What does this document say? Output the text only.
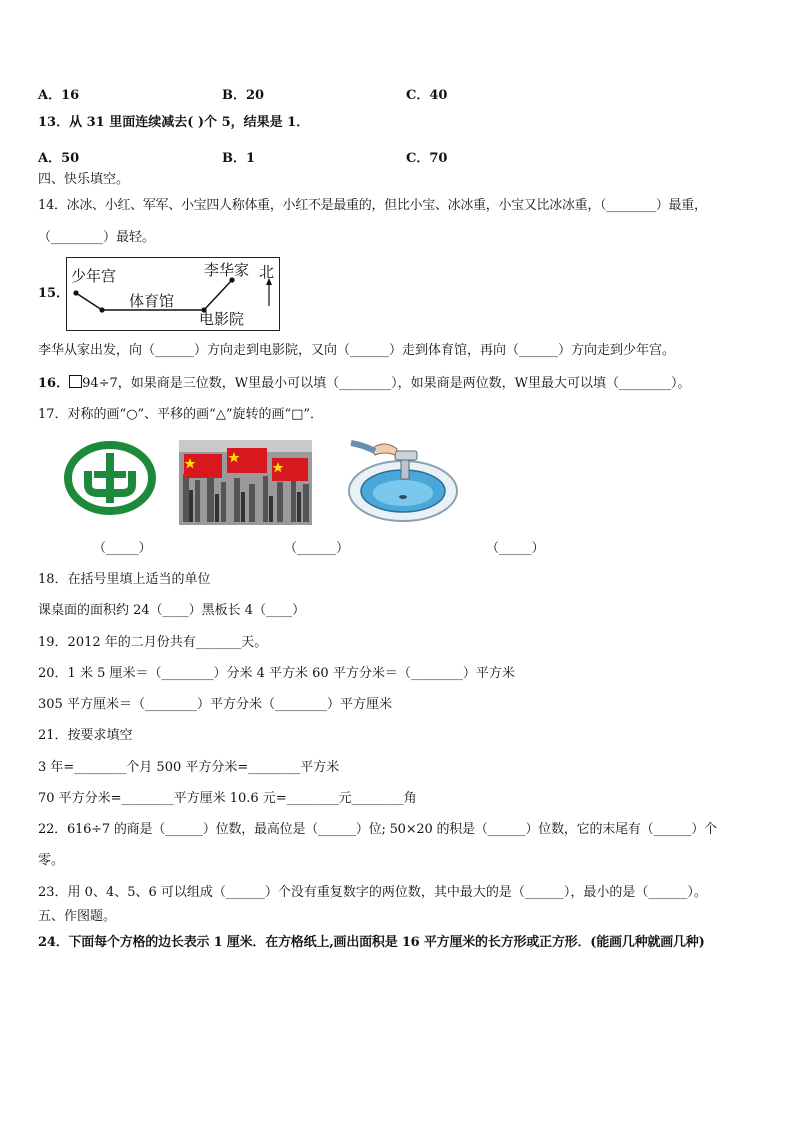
A．16	B．20	C．40
13．从 31 里面连续减去( )个 5，结果是 1．
A．50	B．1	C．70
四、快乐填空。
14．冰冰、小红、军军、小宝四人称体重，小红不是最重的，但比小宝、冰冰重，小宝又比冰冰重，（________）最重，
（________）最轻。
15．
少年宫
体育馆
李华家 北
电影院
李华从家出发，向（______）方向走到电影院，又向（______）走到体育馆，再向（______）方向走到少年宫。
16． 94÷7，如果商是三位数，W里最小可以填（________），如果商是两位数，W里最大可以填（________）。
17．对称的画“○”、平移的画“△”旋转的画“□”．
（_____）	（______）	（_____）
18．在括号里填上适当的单位
课桌面的面积约 24（____）黑板长 4（____）
19．2012 年的二月份共有_______天。
20．1 米 5 厘米＝（________）分米 4 平方米 60 平方分米＝（________）平方米
305 平方厘米＝（________）平方分米（________）平方厘米
21．按要求填空
3 年=________个月 500 平方分米=________平方米
70 平方分米=________平方厘米 10.6 元=________元________角
22．616÷7 的商是（______）位数，最高位是（______）位; 50×20 的积是（______）位数，它的末尾有（______）个
零。
23．用 0、4、5、6 可以组成（______）个没有重复数字的两位数，其中最大的是（______），最小的是（______）。
五、作图题。
24．下面每个方格的边长表示 1 厘米．在方格纸上,画出面积是 16 平方厘米的长方形或正方形．(能画几种就画几种)
